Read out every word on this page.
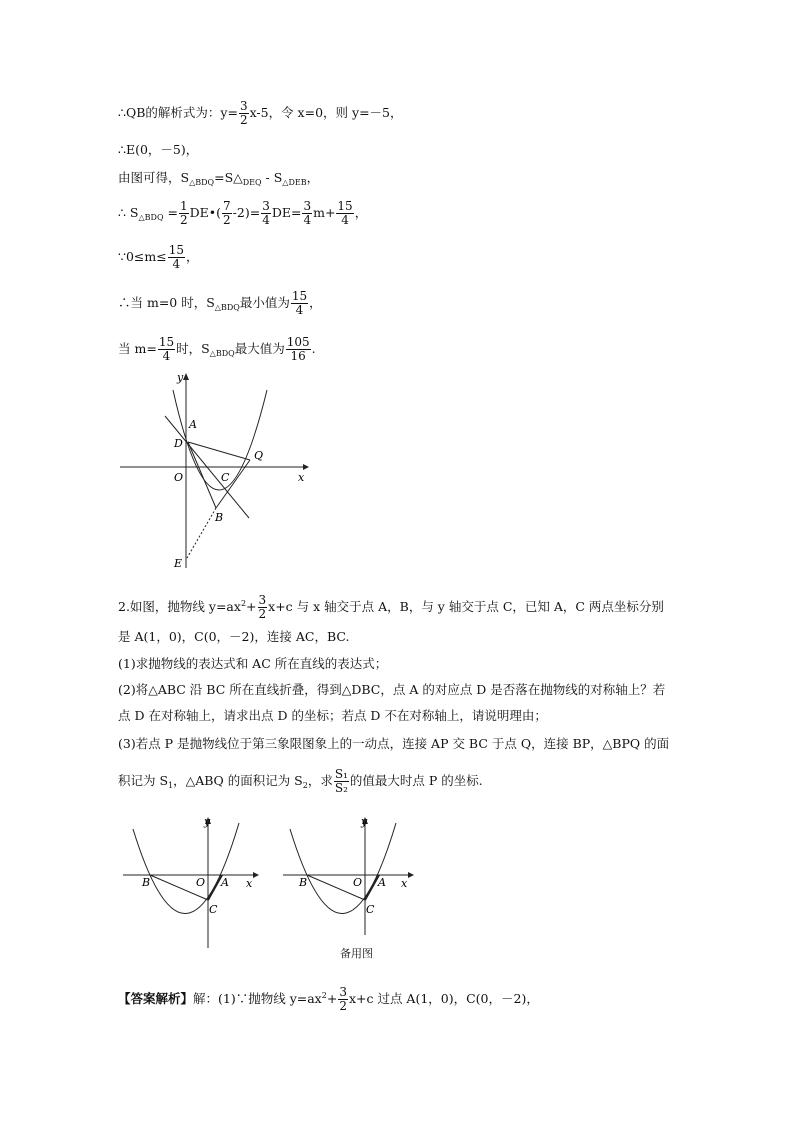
∴QB的解析式为：$y= \frac{3}{2} x-5$，令 x=0，则 y=－5，
∴E(0，－5)，
由图可得，$S_{\triangle BDQ}=S\triangle_{DEQ} - S_{\triangle DEB}$，
∴ $S_{\triangle BDQ} = \frac{1}{2}$ DE•( $\frac{7}{2} -2)= \frac{3}{4} DE= \frac{3}{4} m+ \frac{15}{4}$ ，
∵0≤m≤ $\frac{15}{4}$ ，
∴当 m=0 时，$S_{\triangle BDQ}$最小值为 $\frac{15}{4}$ ，
当 $m= \frac{15}{4}$ 时，$S_{\triangle BDQ}$最大值为 $\frac{105}{16}$ .
y
x
A
D
O	C
Q
B
E
2.如图，抛物线 $y=ax^2+ \frac{3}{2} x+c$ 与 x 轴交于点 A，B，与 y 轴交于点 C，已知 A，C 两点坐标分别
是 A(1，0)，C(0，－2)，连接 AC，BC.
(1)求抛物线的表达式和 AC 所在直线的表达式；
(2)将△ABC 沿 BC 所在直线折叠，得到△DBC，点 A 的对应点 D 是否落在抛物线的对称轴上？若
点 D 在对称轴上，请求出点 D 的坐标；若点 D 不在对称轴上，请说明理由；
(3)若点 P 是抛物线位于第三象限图象上的一动点，连接 AP 交 BC 于点 Q，连接 BP，△BPQ 的面
积记为 $S_1$，△ABQ 的面积记为 $S_2$，求 $\frac{\text{S₁}}{\text{S₂}}$ 的值最大时点 P 的坐标.
y
x
B	O A
C
y
x
B	O A
C
备用图
【答案解析】解：(1)∵抛物线 $y=ax^2+ \frac{3}{2} x+c$ 过点 A(1，0)，C(0，－2)，
